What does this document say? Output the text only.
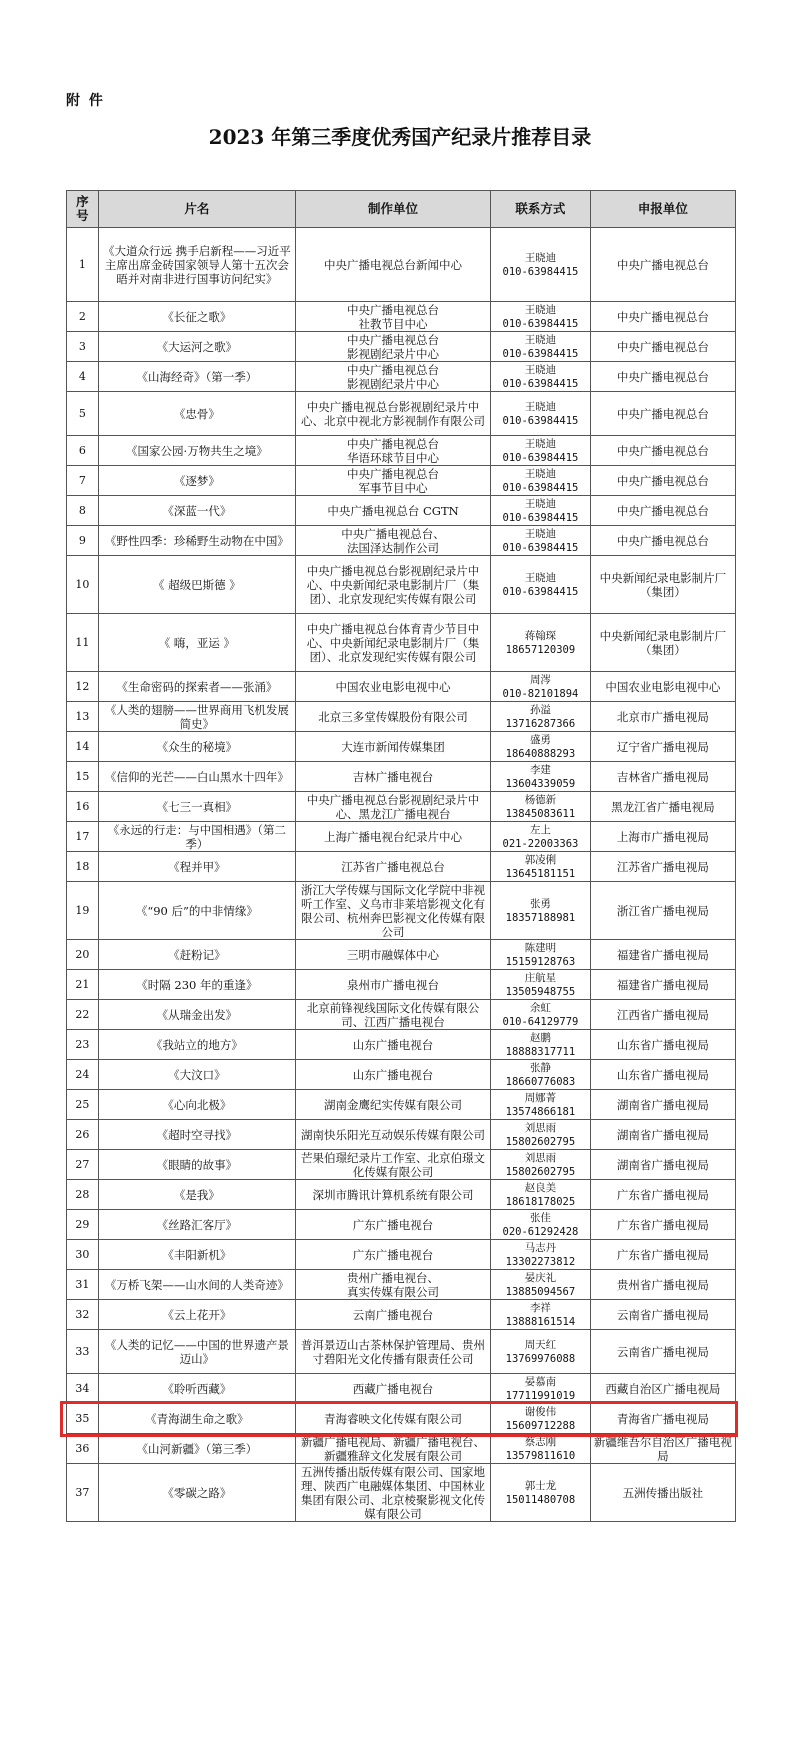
附 件
2023 年第三季度优秀国产纪录片推荐目录
序号	片名	制作单位	联系方式	申报单位
1	《大道众行远 携手启新程——习近平主席出席金砖国家领导人第十五次会晤并对南非进行国事访问纪实》	中央广播电视总台新闻中心	王晓迪
010-63984415	中央广播电视总台
2	《长征之歌》	中央广播电视总台
社教节目中心	王晓迪
010-63984415	中央广播电视总台
3	《大运河之歌》	中央广播电视总台
影视剧纪录片中心	王晓迪
010-63984415	中央广播电视总台
4	《山海经奇》（第一季）	中央广播电视总台
影视剧纪录片中心	王晓迪
010-63984415	中央广播电视总台
5	《忠骨》	中央广播电视总台影视剧纪录片中心、北京中视北方影视制作有限公司	王晓迪
010-63984415	中央广播电视总台
6	《国家公园·万物共生之境》	中央广播电视总台
华语环球节目中心	王晓迪
010-63984415	中央广播电视总台
7	《逐梦》	中央广播电视总台
军事节目中心	王晓迪
010-63984415	中央广播电视总台
8	《深蓝一代》	中央广播电视总台 CGTN	王晓迪
010-63984415	中央广播电视总台
9	《野性四季：珍稀野生动物在中国》	中央广播电视总台、
法国泽达制作公司	王晓迪
010-63984415	中央广播电视总台
10	《 超级巴斯德 》	中央广播电视总台影视剧纪录片中心、中央新闻纪录电影制片厂（集团）、北京发现纪实传媒有限公司	王晓迪
010-63984415	中央新闻纪录电影制片厂（集团）
11	《 嗨，亚运 》	中央广播电视总台体育青少节目中心、中央新闻纪录电影制片厂（集团）、北京发现纪实传媒有限公司	蒋翰琛
18657120309	中央新闻纪录电影制片厂（集团）
12	《生命密码的探索者——张涌》	中国农业电影电视中心	周涔
010-82101894	中国农业电影电视中心
13	《人类的翅膀——世界商用飞机发展简史》	北京三多堂传媒股份有限公司	孙溢
13716287366	北京市广播电视局
14	《众生的秘境》	大连市新闻传媒集团	盛勇
18640888293	辽宁省广播电视局
15	《信仰的光芒——白山黑水十四年》	吉林广播电视台	李建
13604339059	吉林省广播电视局
16	《七三一真相》	中央广播电视总台影视剧纪录片中心、黑龙江广播电视台	杨德新
13845083611	黑龙江省广播电视局
17	《永远的行走：与中国相遇》（第二季）	上海广播电视台纪录片中心	左上
021-22003363	上海市广播电视局
18	《程并甲》	江苏省广播电视总台	郭凌俐
13645181151	江苏省广播电视局
19	《“90 后”的中非情缘》	浙江大学传媒与国际文化学院中非视听工作室、义乌市非莱培影视文化有限公司、杭州奔巴影视文化传媒有限公司	张勇
18357188981	浙江省广播电视局
20	《赶粉记》	三明市融媒体中心	陈建明
15159128763	福建省广播电视局
21	《时隔 230 年的重逢》	泉州市广播电视台	庄航星
13505948755	福建省广播电视局
22	《从瑞金出发》	北京前锋视线国际文化传媒有限公司、江西广播电视台	余虹
010-64129779	江西省广播电视局
23	《我站立的地方》	山东广播电视台	赵鹏
18888317711	山东省广播电视局
24	《大汶口》	山东广播电视台	张静
18660776083	山东省广播电视局
25	《心向北极》	湖南金鹰纪实传媒有限公司	周娜菁
13574866181	湖南省广播电视局
26	《超时空寻找》	湖南快乐阳光互动娱乐传媒有限公司	刘思雨
15802602795	湖南省广播电视局
27	《眼睛的故事》	芒果伯璟纪录片工作室、北京伯璟文化传媒有限公司	刘思雨
15802602795	湖南省广播电视局
28	《是我》	深圳市腾讯计算机系统有限公司	赵良美
18618178025	广东省广播电视局
29	《丝路汇客厅》	广东广播电视台	张佳
020-61292428	广东省广播电视局
30	《丰阳新机》	广东广播电视台	马志丹
13302273812	广东省广播电视局
31	《万桥飞架——山水间的人类奇迹》	贵州广播电视台、
真实传媒有限公司	晏庆礼
13885094567	贵州省广播电视局
32	《云上花开》	云南广播电视台	李祥
13888161514	云南省广播电视局
33	《人类的记忆——中国的世界遗产景迈山》	普洱景迈山古茶林保护管理局、贵州寸碧阳光文化传播有限责任公司	周天红
13769976088	云南省广播电视局
34	《聆听西藏》	西藏广播电视台	晏慕南
17711991019	西藏自治区广播电视局
35	《青海湖生命之歌》	青海睿映文化传媒有限公司	谢俊伟
15609712288	青海省广播电视局
36	《山河新疆》（第三季）	新疆广播电视局、新疆广播电视台、新疆雅辞文化发展有限公司	蔡志刚
13579811610	新疆维吾尔自治区广播电视局
37	《零碳之路》	五洲传播出版传媒有限公司、国家地理、陕西广电融媒体集团、中国林业集团有限公司、北京棱聚影视文化传媒有限公司	郭士龙
15011480708	五洲传播出版社
